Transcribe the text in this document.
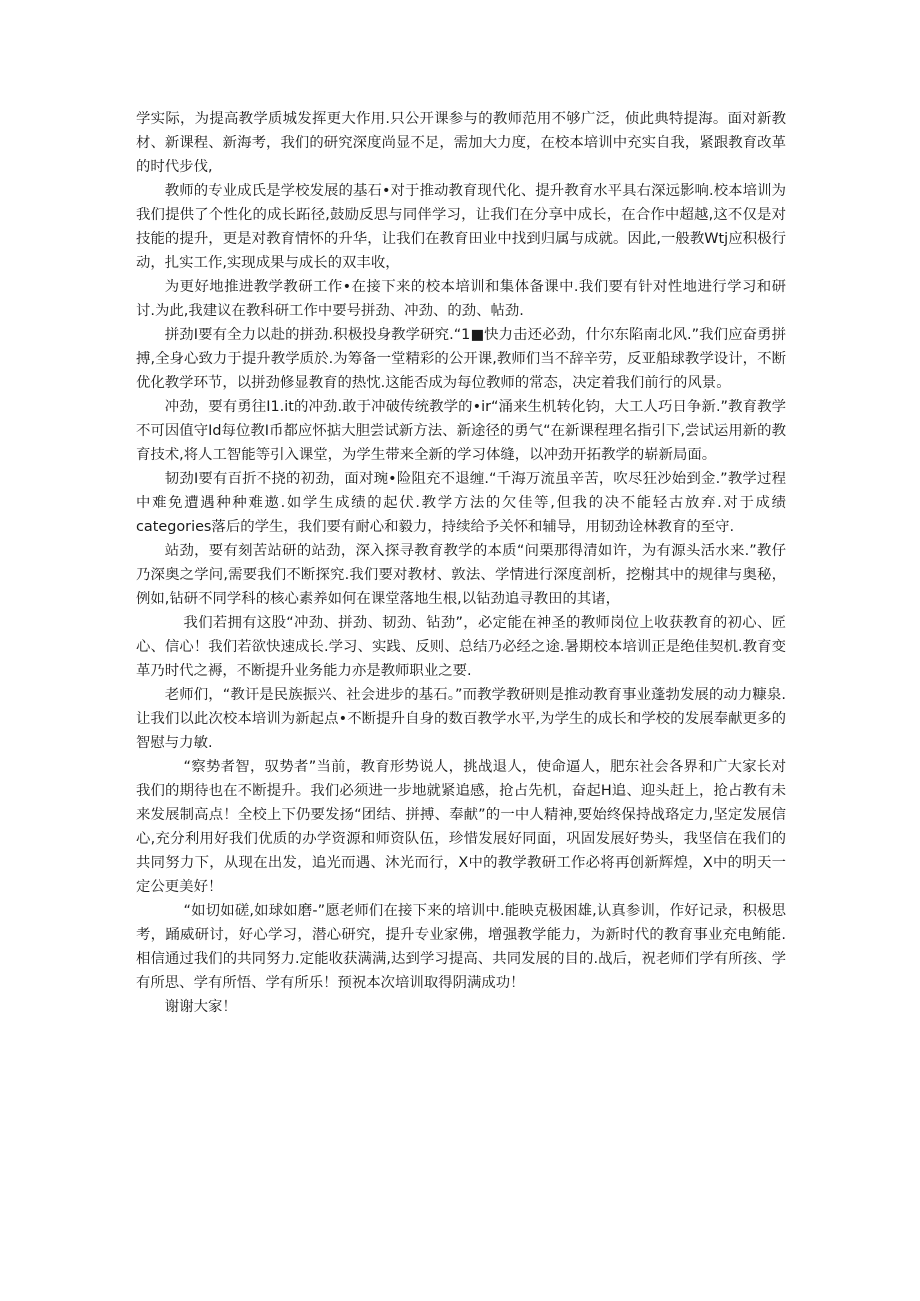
学实际，为提高教学质城发挥更大作用.只公开课参与的教师范用不够广泛，侦此典特提海。面对新教材、新课程、新海考，我们的研究深度尚显不足，需加大力度，在校本培训中充实自我，紧跟教育改革的时代步伐,

教师的专业成氏是学校发展的基石•对于推动教育现代化、提升教育水平具右深远影响.校本培训为我们提供了个性化的成长跖径,鼓励反思与同伴学习，让我们在分享中成长，在合作中超越,这不仅是对技能的提升，更是对教育情怀的升华，让我们在教育田业中找到归属与成就。因此,一般教Wtj应积极行动，扎实工作,实现成果与成长的双丰收，

为更好地推进教学教研工作•在接下来的校本培训和集体备课中.我们要有针对性地进行学习和研讨.为此,我建议在教科研工作中要号拼劲、冲劲、的劲、帖劲.

拼劲I要有全力以赴的拼劲.积极投身教学研究.“1■快力击还必劲，什尔东陷南北风.”我们应奋勇拼搏,全身心致力于提升教学质於.为筹备一堂精彩的公开课,教师们当不辞辛劳，反亚船球教学设计，不断优化教学环节，以拼劲修显教育的热忱.这能否成为每位教师的常态，决定着我们前行的风景。

冲劲，要有勇往I1.it的冲劲.敢于冲破传统教学的•ir“涌来生机转化钧，大工人巧日争新.”教育教学不可因值守Id每位教I币都应怀掂大胆尝试新方法、新途径的勇气“在新课程理名指引下,尝试运用新的教育技术,将人工智能等引入课堂，为学生带来全新的学习体缝，以冲劲开拓教学的崭新局面。

韧劲I要有百折不挠的初劲，面对琬•险阻充不退缠.“千海万流虽辛苦，吹尽狂沙始到金.”教学过程中难免遭遇种种难遨.如学生成绩的起伏.教学方法的欠佳等,但我的决不能轻古放弃.对于成绩categories落后的学生，我们要有耐心和毅力，持续给予关怀和辅导，用韧劲诠林教育的至守.

站劲，要有刻苦站研的站劲，深入探寻教育教学的本质“问栗那得清如许，为有源头活水来.”教仔乃深奥之学问,需要我们不断探究.我们要对教材、敦法、学情进行深度剖析，挖榭其中的规律与奥秘，例如,钻研不同学科的核心素养如何在课堂落地生根,以钻劲追寻教田的其诸，

我们若拥有这股“冲劲、拼劲、韧劲、钻劲”，必定能在神圣的教师岗位上收获教育的初心、匠心、信心！我们若欲快速成长.学习、实践、反则、总结乃必经之途.暑期校本培训正是绝佳契机.教育变革乃时代之褥，不断提升业务能力亦是教师职业之要.

老师们，“教讦是民族振兴、社会进步的基石。”而教学教研则是推动教育事业蓬勃发展的动力糠泉.让我们以此次校本培训为新起点•不断提升自身的数百教学水平,为学生的成长和学校的发展奉献更多的智慰与力敏.

“察势者智，驭势者”当前，教育形势说人，挑战退人，使命逼人，肥东社会各界和广大家长对我们的期待也在不断提升。我们必须进一步地就紧追感，抢占先机，奋起H追、迎头赶上，抢占教有未来发展制高点！全校上下仍要发扬“团结、拼搏、奉献”的一中人精神,要始终保持战珞定力,坚定发展信心,充分利用好我们优质的办学资源和师资队伍，珍惜发展好同面，巩固发展好势头，我坚信在我们的共同努力下，从现在出发，追光而遇、沐光而行，X中的教学教研工作必将再创新辉煌，X中的明天一定公更美好！

“如切如磋,如球如磨-”愿老师们在接下来的培训中.能映克极困雄,认真参训，作好记录，积极思考，踊威研讨，好心学习，潜心研究，提升专业家佛，增强教学能力，为新时代的教育事业充电鲔能.相信通过我们的共同努力.定能收获满满,达到学习提高、共同发展的目的.战后，祝老师们学有所孩、学有所思、学有所悟、学有所乐！预祝本次培训取得阴满成功！

谢谢大家！
